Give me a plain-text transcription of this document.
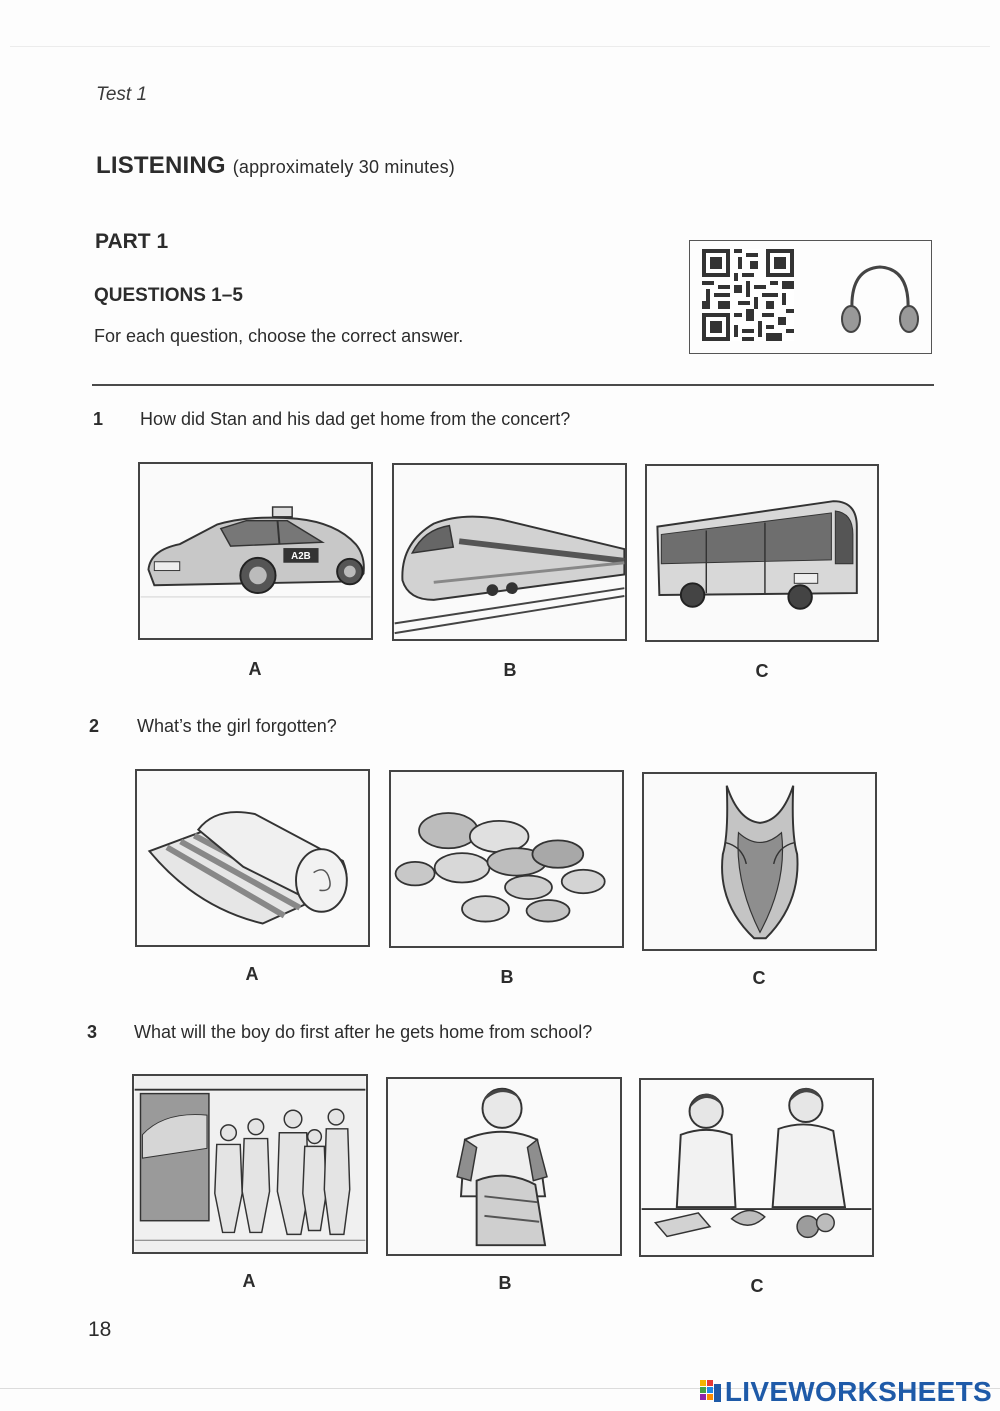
Test 1
LISTENING (approximately 30 minutes)
PART 1
QUESTIONS 1–5
For each question, choose the correct answer.
1 How did Stan and his dad get home from the concert?
A2B
A	B	C
2 What’s the girl forgotten?
A	B	C
3 What will the boy do first after he gets home from school?
A	B	C
18
LIVEWORKSHEETS
